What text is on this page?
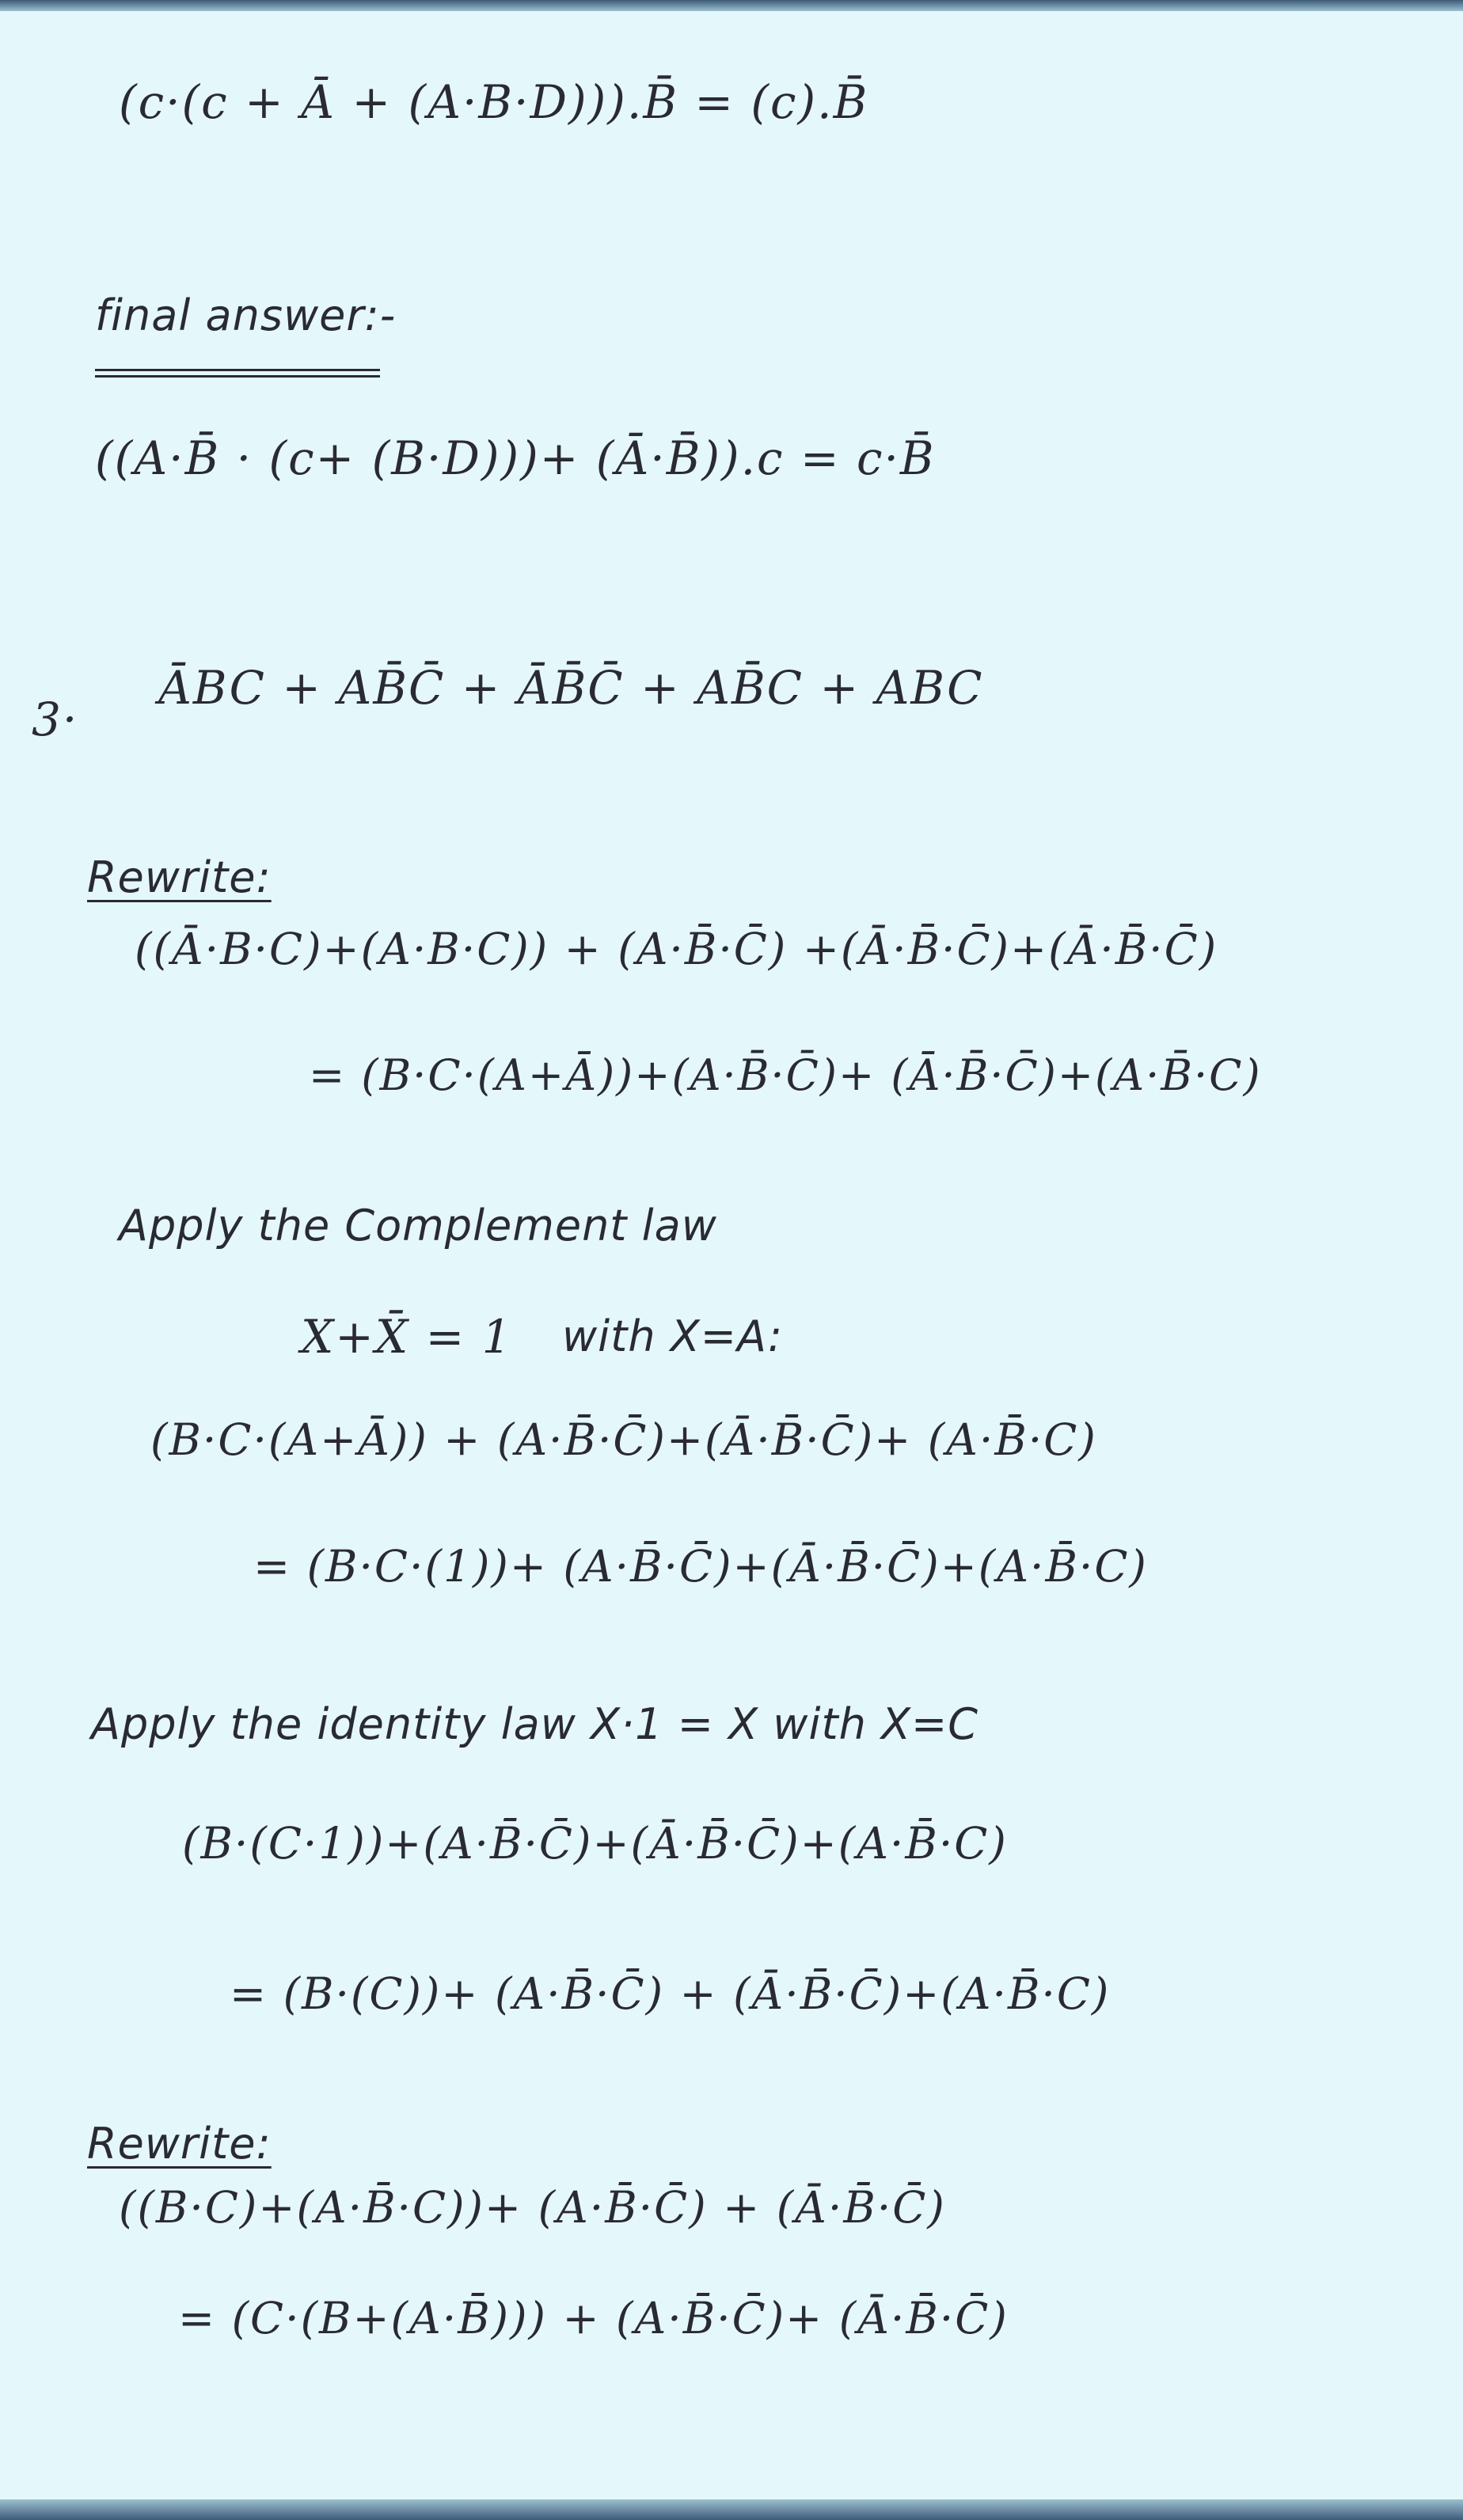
(c·(c + Ā + (A·B·D))).B̄ = (c).B̄
final answer:-
((A·B̄ · (c+ (B·D)))+ (Ā·B̄)).c = c·B̄
3·
ĀBC + AB̄C̄ + ĀB̄C̄ + AB̄C + ABC
Rewrite:
((Ā·B·C)+(A·B·C)) + (A·B̄·C̄) +(Ā·B̄·C̄)+(Ā·B̄·C̄)
= (B·C·(A+Ā))+(A·B̄·C̄)+ (Ā·B̄·C̄)+(A·B̄·C)
Apply the Complement law
X+X̄ = 1 with X=A:
(B·C·(A+Ā)) + (A·B̄·C̄)+(Ā·B̄·C̄)+ (A·B̄·C)
= (B·C·(1))+ (A·B̄·C̄)+(Ā·B̄·C̄)+(A·B̄·C)
Apply the identity law X·1 = X with X=C
(B·(C·1))+(A·B̄·C̄)+(Ā·B̄·C̄)+(A·B̄·C)
= (B·(C))+ (A·B̄·C̄) + (Ā·B̄·C̄)+(A·B̄·C)
Rewrite:
((B·C)+(A·B̄·C))+ (A·B̄·C̄) + (Ā·B̄·C̄)
= (C·(B+(A·B̄))) + (A·B̄·C̄)+ (Ā·B̄·C̄)
